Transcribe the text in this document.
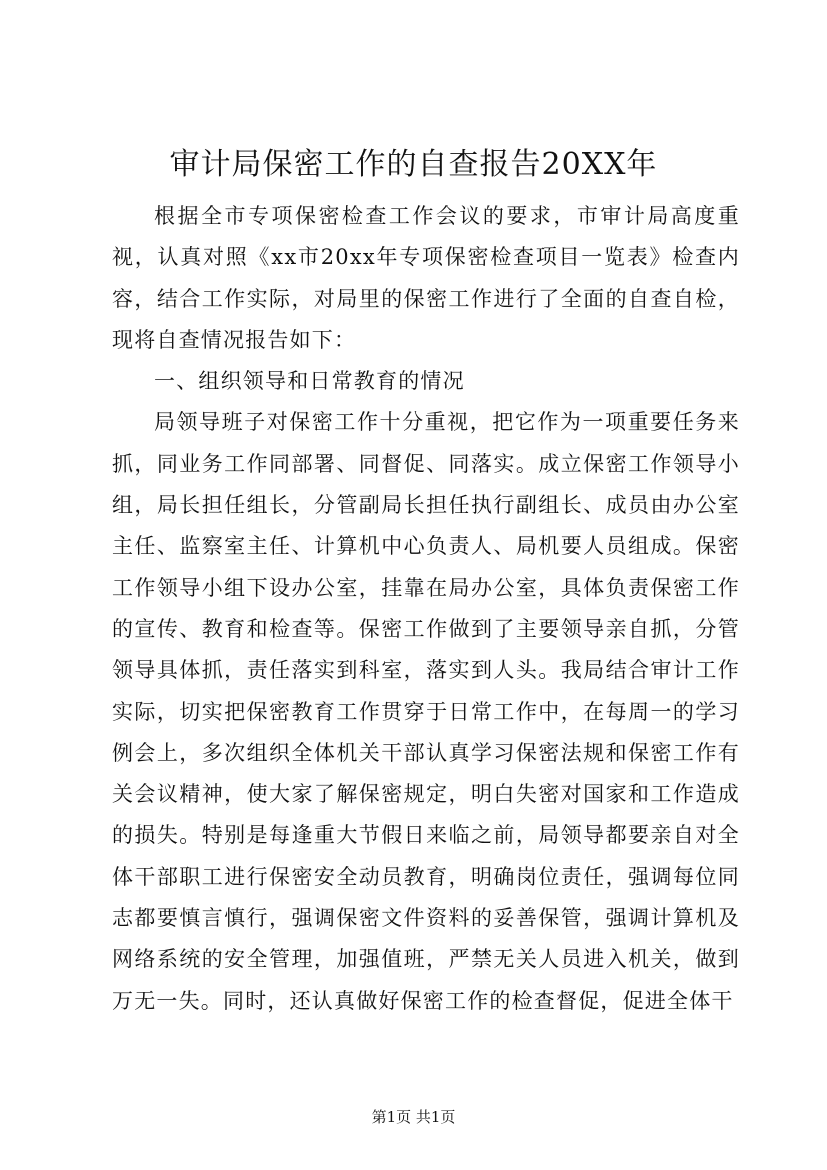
审计局保密工作的自查报告20XX年

根据全市专项保密检查工作会议的要求，市审计局高度重视，认真对照《xx市20xx年专项保密检查项目一览表》检查内容，结合工作实际，对局里的保密工作进行了全面的自查自检，现将自查情况报告如下：

一、组织领导和日常教育的情况

局领导班子对保密工作十分重视，把它作为一项重要任务来抓，同业务工作同部署、同督促、同落实。成立保密工作领导小组，局长担任组长，分管副局长担任执行副组长、成员由办公室主任、监察室主任、计算机中心负责人、局机要人员组成。保密工作领导小组下设办公室，挂靠在局办公室，具体负责保密工作的宣传、教育和检查等。保密工作做到了主要领导亲自抓，分管领导具体抓，责任落实到科室，落实到人头。我局结合审计工作实际，切实把保密教育工作贯穿于日常工作中，在每周一的学习例会上，多次组织全体机关干部认真学习保密法规和保密工作有关会议精神，使大家了解保密规定，明白失密对国家和工作造成的损失。特别是每逢重大节假日来临之前，局领导都要亲自对全体干部职工进行保密安全动员教育，明确岗位责任，强调每位同志都要慎言慎行，强调保密文件资料的妥善保管，强调计算机及网络系统的安全管理，加强值班，严禁无关人员进入机关，做到万无一失。同时，还认真做好保密工作的检查督促，促进全体干

第1页 共1页
